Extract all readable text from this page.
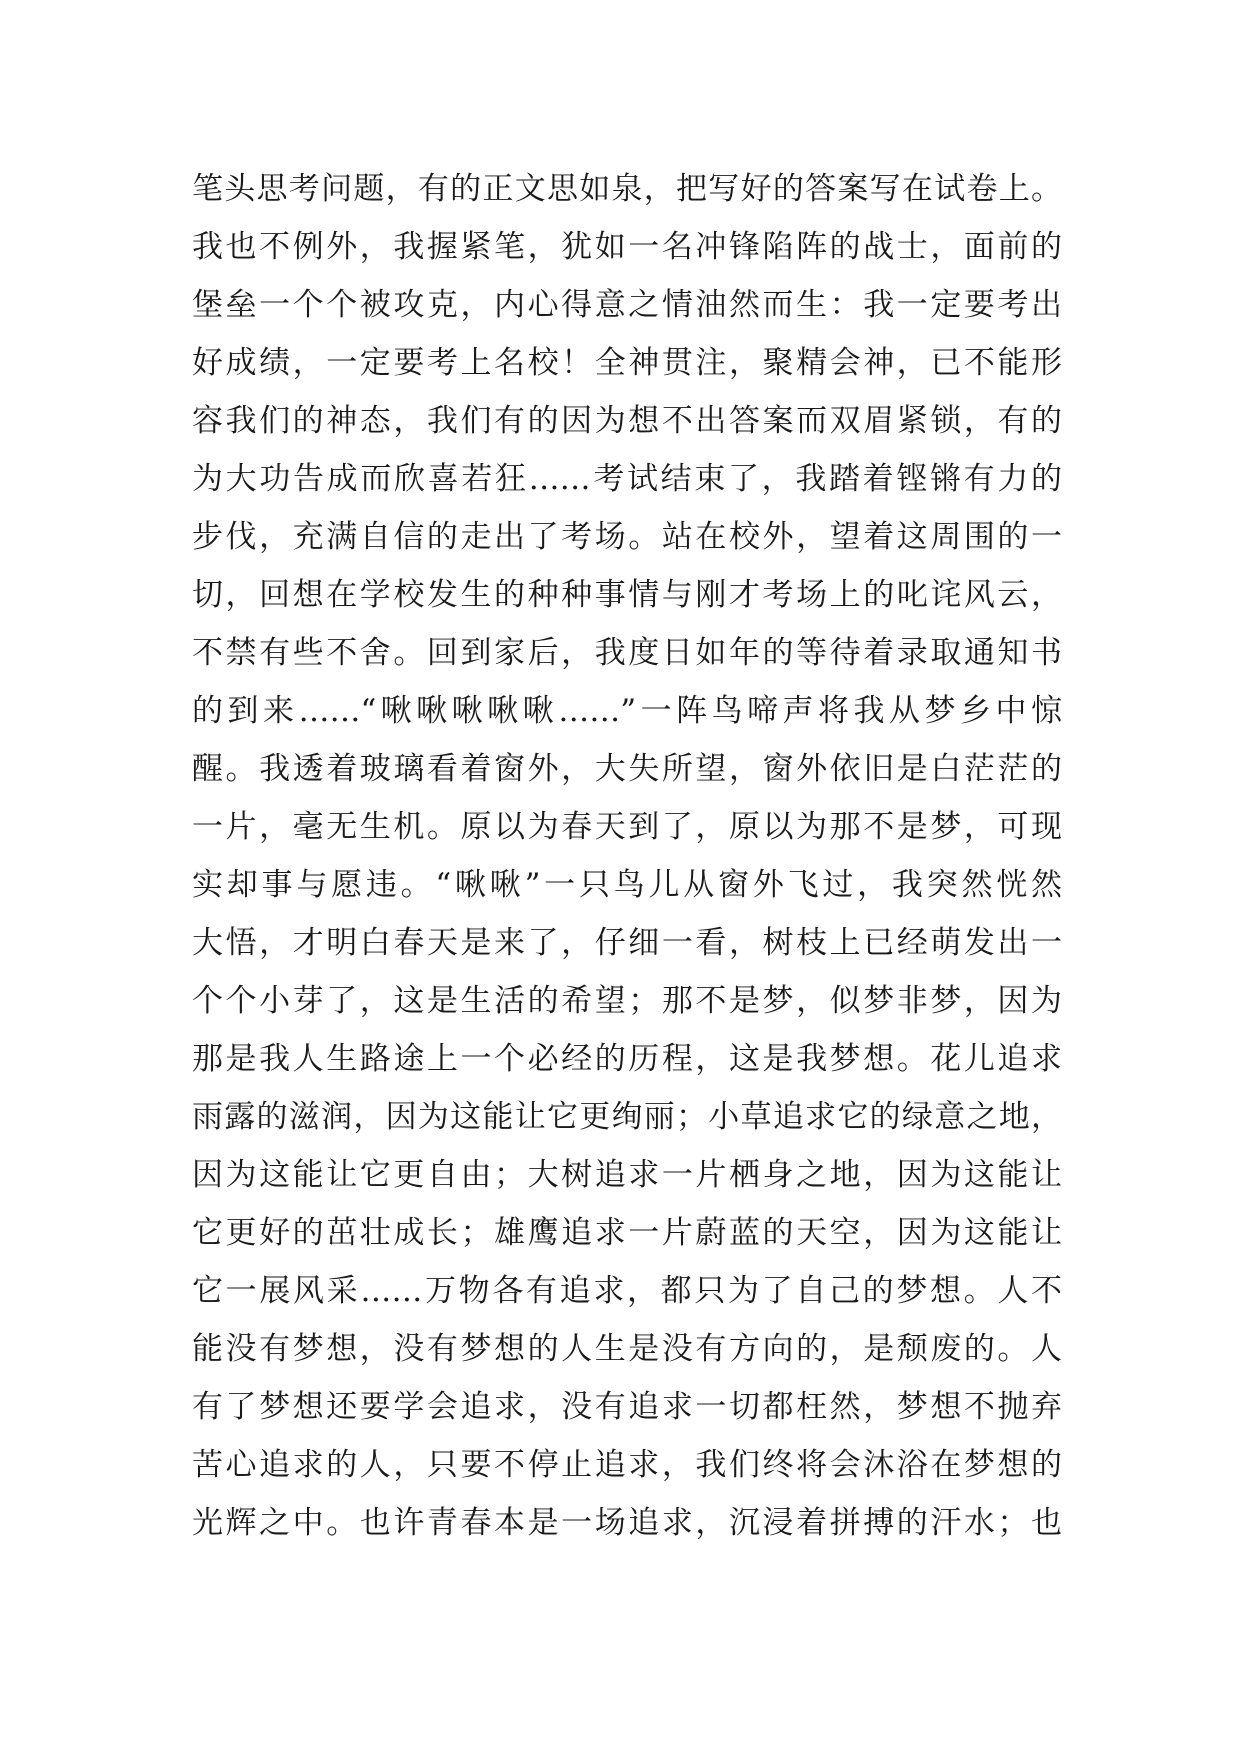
笔头思考问题，有的正文思如泉，把写好的答案写在试卷上。
我也不例外，我握紧笔，犹如一名冲锋陷阵的战士，面前的
堡垒一个个被攻克，内心得意之情油然而生：我一定要考出
好成绩，一定要考上名校！全神贯注，聚精会神，已不能形
容我们的神态，我们有的因为想不出答案而双眉紧锁，有的
为大功告成而欣喜若狂……考试结束了，我踏着铿锵有力的
步伐，充满自信的走出了考场。站在校外，望着这周围的一
切，回想在学校发生的种种事情与刚才考场上的叱诧风云，
不禁有些不舍。回到家后，我度日如年的等待着录取通知书
的到来……“啾啾啾啾啾……”一阵鸟啼声将我从梦乡中惊
醒。我透着玻璃看着窗外，大失所望，窗外依旧是白茫茫的
一片，毫无生机。原以为春天到了，原以为那不是梦，可现
实却事与愿违。“啾啾”一只鸟儿从窗外飞过，我突然恍然
大悟，才明白春天是来了，仔细一看，树枝上已经萌发出一
个个小芽了，这是生活的希望；那不是梦，似梦非梦，因为
那是我人生路途上一个必经的历程，这是我梦想。花儿追求
雨露的滋润，因为这能让它更绚丽；小草追求它的绿意之地，
因为这能让它更自由；大树追求一片栖身之地，因为这能让
它更好的茁壮成长；雄鹰追求一片蔚蓝的天空，因为这能让
它一展风采……万物各有追求，都只为了自己的梦想。人不
能没有梦想，没有梦想的人生是没有方向的，是颓废的。人
有了梦想还要学会追求，没有追求一切都枉然，梦想不抛弃
苦心追求的人，只要不停止追求，我们终将会沐浴在梦想的
光辉之中。也许青春本是一场追求，沉浸着拼搏的汗水；也
